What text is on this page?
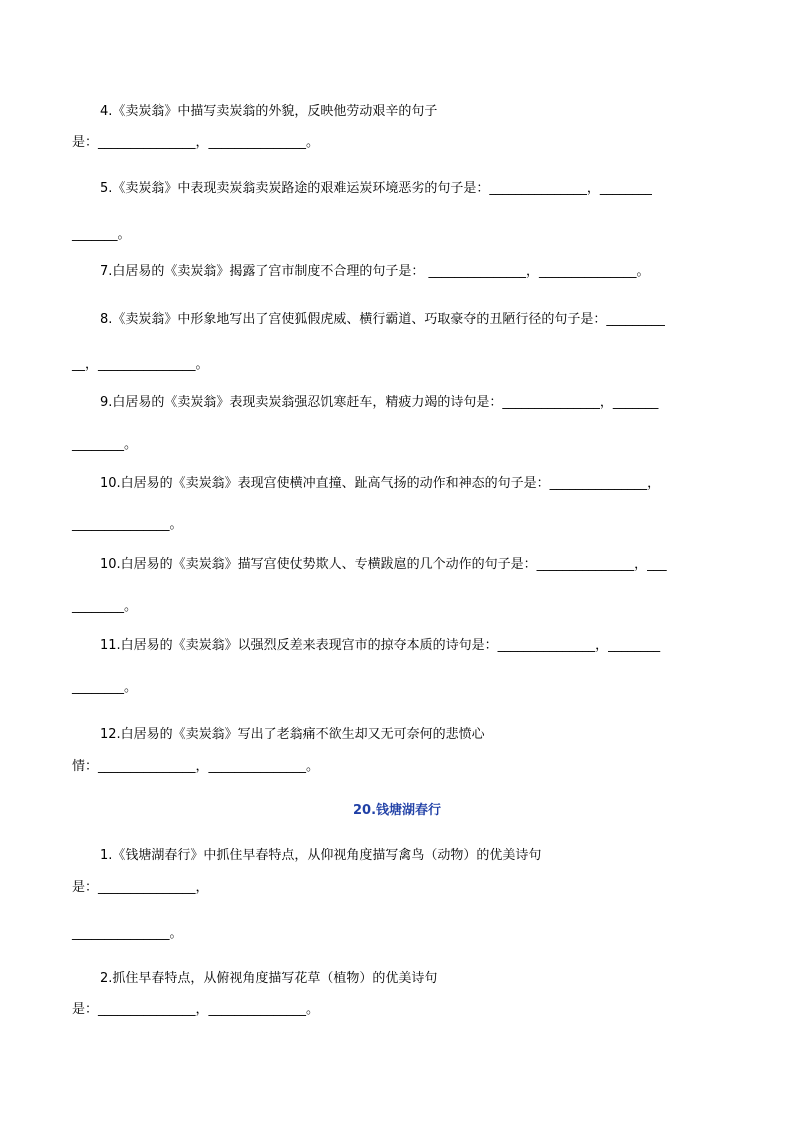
4.《卖炭翁》中描写卖炭翁的外貌，反映他劳动艰辛的句子
是：_______________，_______________。
5.《卖炭翁》中表现卖炭翁卖炭路途的艰难运炭环境恶劣的句子是：_______________，________
_______。
7.白居易的《卖炭翁》揭露了宫市制度不合理的句子是： _______________，_______________。
8.《卖炭翁》中形象地写出了宫使狐假虎威、横行霸道、巧取豪夺的丑陋行径的句子是：_________
__，_______________。
9.白居易的《卖炭翁》表现卖炭翁强忍饥寒赶车，精疲力竭的诗句是：_______________，_______
________。
10.白居易的《卖炭翁》表现宫使横冲直撞、趾高气扬的动作和神态的句子是：_______________，
_______________。
10.白居易的《卖炭翁》描写宫使仗势欺人、专横跋扈的几个动作的句子是：_______________，___
________。
11.白居易的《卖炭翁》以强烈反差来表现宫市的掠夺本质的诗句是：_______________，________
________。
12.白居易的《卖炭翁》写出了老翁痛不欲生却又无可奈何的悲愤心
情：_______________，_______________。
20.钱塘湖春行
1.《钱塘湖春行》中抓住早春特点，从仰视角度描写禽鸟（动物）的优美诗句
是：_______________，
_______________。
2.抓住早春特点，从俯视角度描写花草（植物）的优美诗句
是：_______________，_______________。
